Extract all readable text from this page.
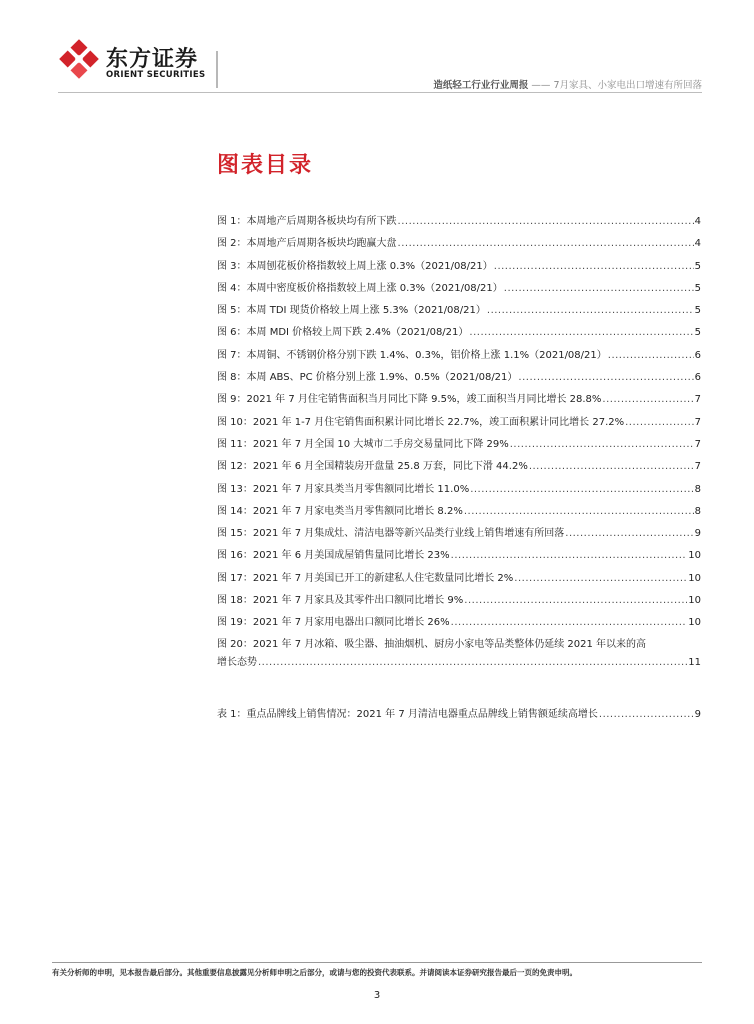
东方证券
ORIENT SECURITIES
造纸轻工行业行业周报 —— 7月家具、小家电出口增速有所回落
图表目录
图 1：本周地产后周期各板块均有所下跌 .....	4
图 2：本周地产后周期各板块均跑赢大盘 .....	4
图 3：本周刨花板价格指数较上周上涨 0.3%（2021/08/21） .....	5
图 4：本周中密度板价格指数较上周上涨 0.3%（2021/08/21） .....	5
图 5：本周 TDI 现货价格较上周上涨 5.3%（2021/08/21） .....	5
图 6：本周 MDI 价格较上周下跌 2.4%（2021/08/21） .....	5
图 7：本周铜、不锈钢价格分别下跌 1.4%、0.3%，铝价格上涨 1.1%（2021/08/21） .....	6
图 8：本周 ABS、PC 价格分别上涨 1.9%、0.5%（2021/08/21） .....	6
图 9：2021 年 7 月住宅销售面积当月同比下降 9.5%，竣工面积当月同比增长 28.8% .....	7
图 10：2021 年 1-7 月住宅销售面积累计同比增长 22.7%，竣工面积累计同比增长 27.2% .....	7
图 11：2021 年 7 月全国 10 大城市二手房交易量同比下降 29% .....	7
图 12：2021 年 6 月全国精装房开盘量 25.8 万套，同比下滑 44.2% .....	7
图 13：2021 年 7 月家具类当月零售额同比增长 11.0% .....	8
图 14：2021 年 7 月家电类当月零售额同比增长 8.2% .....	8
图 15：2021 年 7 月集成灶、清洁电器等新兴品类行业线上销售增速有所回落 .....	9
图 16：2021 年 6 月美国成屋销售量同比增长 23% .....	10
图 17：2021 年 7 月美国已开工的新建私人住宅数量同比增长 2% .....	10
图 18：2021 年 7 月家具及其零件出口额同比增长 9% .....	10
图 19：2021 年 7 月家用电器出口额同比增长 26% .....	10
图 20：2021 年 7 月冰箱、吸尘器、抽油烟机、厨房小家电等品类整体仍延续 2021 年以来的高
增长态势 .....	11
表 1：重点品牌线上销售情况：2021 年 7 月清洁电器重点品牌线上销售额延续高增长 .....	9
有关分析师的申明，见本报告最后部分。其他重要信息披露见分析师申明之后部分，或请与您的投资代表联系。并请阅读本证券研究报告最后一页的免责申明。
3
